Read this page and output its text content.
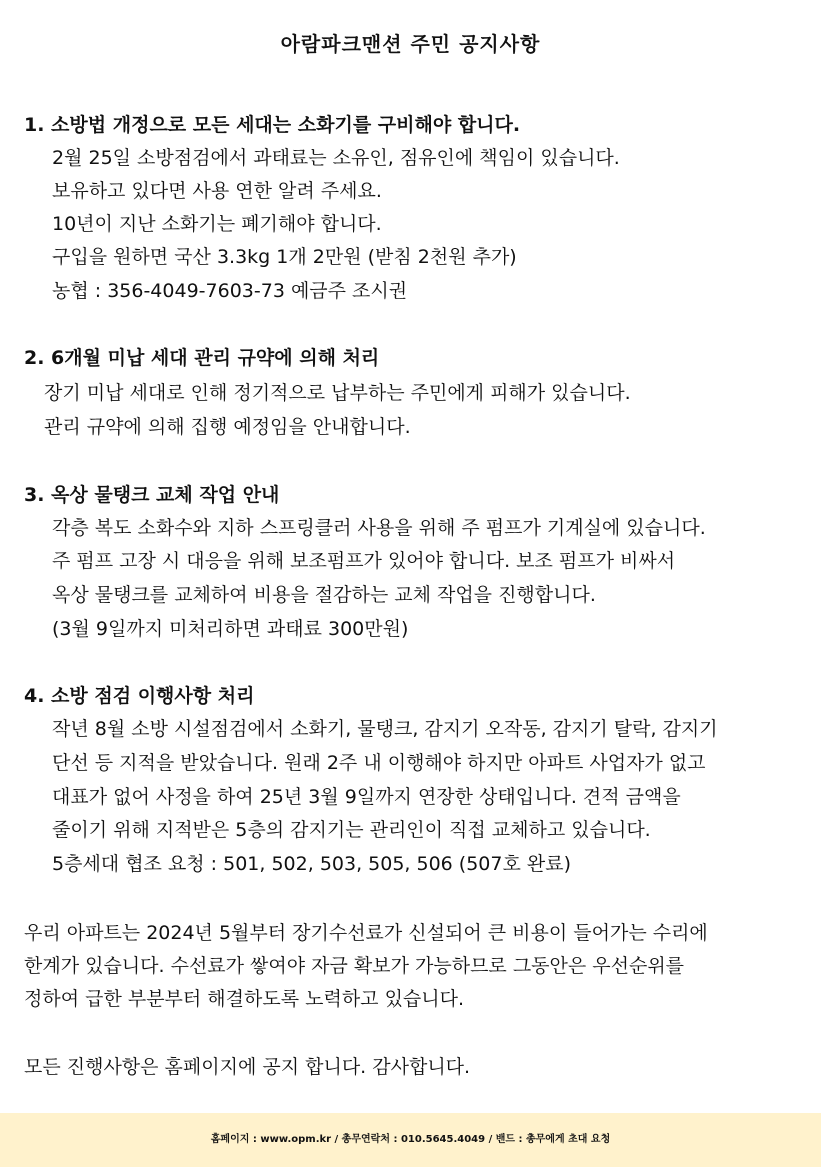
아람파크맨션 주민 공지사항
1. 소방법 개정으로 모든 세대는 소화기를 구비해야 합니다.
2월 25일 소방점검에서 과태료는 소유인, 점유인에 책임이 있습니다.
보유하고 있다면 사용 연한 알려 주세요.
10년이 지난 소화기는 폐기해야 합니다.
구입을 원하면 국산 3.3kg 1개 2만원 (받침 2천원 추가)
농협 : 356-4049-7603-73 예금주 조시권
2. 6개월 미납 세대 관리 규약에 의해 처리
장기 미납 세대로 인해 정기적으로 납부하는 주민에게 피해가 있습니다.
관리 규약에 의해 집행 예정임을 안내합니다.
3. 옥상 물탱크 교체 작업 안내
각층 복도 소화수와 지하 스프링클러 사용을 위해 주 펌프가 기계실에 있습니다.
주 펌프 고장 시 대응을 위해 보조펌프가 있어야 합니다. 보조 펌프가 비싸서
옥상 물탱크를 교체하여 비용을 절감하는 교체 작업을 진행합니다.
(3월 9일까지 미처리하면 과태료 300만원)
4. 소방 점검 이행사항 처리
작년 8월 소방 시설점검에서 소화기, 물탱크, 감지기 오작동, 감지기 탈락, 감지기
단선 등 지적을 받았습니다. 원래 2주 내 이행해야 하지만 아파트 사업자가 없고
대표가 없어 사정을 하여 25년 3월 9일까지 연장한 상태입니다. 견적 금액을
줄이기 위해 지적받은 5층의 감지기는 관리인이 직접 교체하고 있습니다.
5층세대 협조 요청 : 501, 502, 503, 505, 506 (507호 완료)
우리 아파트는 2024년 5월부터 장기수선료가 신설되어 큰 비용이 들어가는 수리에
한계가 있습니다. 수선료가 쌓여야 자금 확보가 가능하므로 그동안은 우선순위를
정하여 급한 부분부터 해결하도록 노력하고 있습니다.
모든 진행사항은 홈페이지에 공지 합니다. 감사합니다.
홈페이지 : www.opm.kr / 총무연락처 : 010.5645.4049 / 밴드 : 총무에게 초대 요청
